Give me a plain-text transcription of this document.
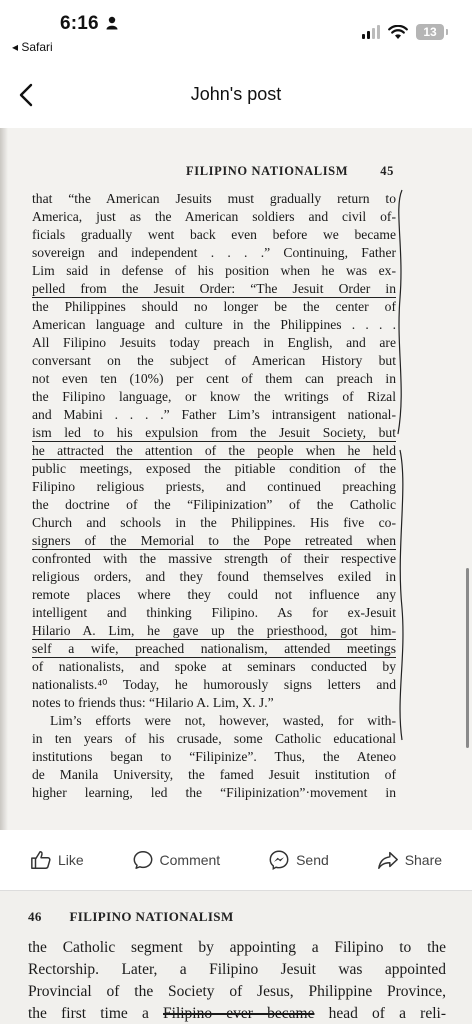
6:16
◂ Safari
13
John's post
FILIPINO NATIONALISM	45
that “the American Jesuits must gradually return to
America, just as the American soldiers and civil of-
ficials gradually went back even before we became
sovereign and independent . . . .” Continuing, Father
Lim said in defense of his position when he was ex-
pelled from the Jesuit Order: “The Jesuit Order in
the Philippines should no longer be the center of
American language and culture in the Philippines . . . .
All Filipino Jesuits today preach in English, and are
conversant on the subject of American History but
not even ten (10%) per cent of them can preach in
the Filipino language, or know the writings of Rizal
and Mabini . . . .” Father Lim’s intransigent national-
ism led to his expulsion from the Jesuit Society, but
he attracted the attention of the people when he held
public meetings, exposed the pitiable condition of the
Filipino religious priests, and continued preaching
the doctrine of the “Filipinization” of the Catholic
Church and schools in the Philippines. His five co-
signers of the Memorial to the Pope retreated when
confronted with the massive strength of their respective
religious orders, and they found themselves exiled in
remote places where they could not influence any
intelligent and thinking Filipino. As for ex-Jesuit
Hilario A. Lim, he gave up the priesthood, got him-
self a wife, preached nationalism, attended meetings
of nationalists, and spoke at seminars conducted by
nationalists.⁴⁰ Today, he humorously signs letters and
notes to friends thus: “Hilario A. Lim, X. J.”
Lim’s efforts were not, however, wasted, for with-
in ten years of his crusade, some Catholic educational
institutions began to “Filipinize”. Thus, the Ateneo
de Manila University, the famed Jesuit institution of
higher learning, led the “Filipinization”·movement in
Like	Comment	Send	Share
46 FILIPINO NATIONALISM
the Catholic segment by appointing a Filipino to the
Rectorship. Later, a Filipino Jesuit was appointed
Provincial of the Society of Jesus, Philippine Province,
the first time a Filipino ever became head of a reli-
